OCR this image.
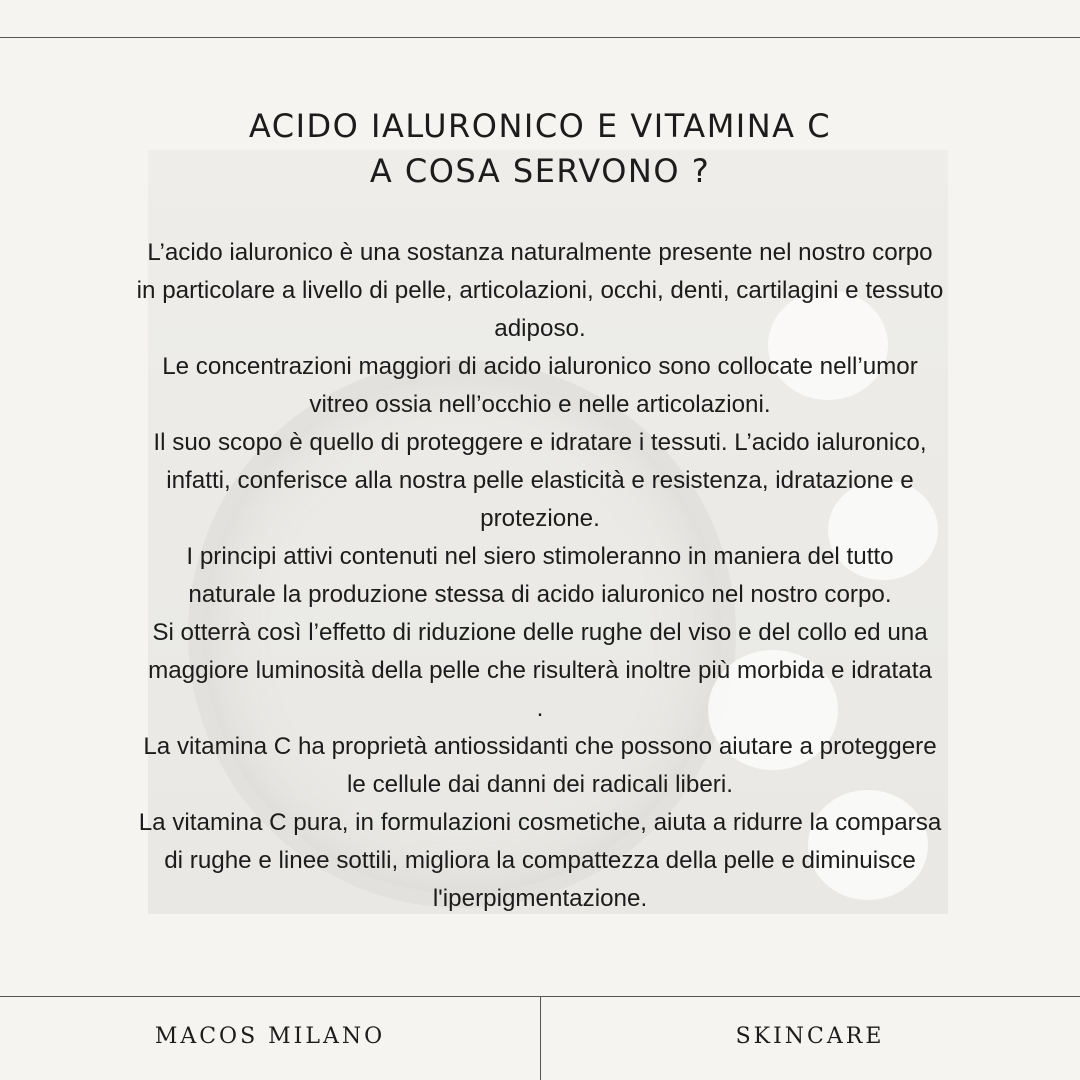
ACIDO IALURONICO E VITAMINA C
A COSA SERVONO ?
L’acido ialuronico è una sostanza naturalmente presente nel nostro corpo
in particolare a livello di pelle, articolazioni, occhi, denti, cartilagini e tessuto
adiposo.
Le concentrazioni maggiori di acido ialuronico sono collocate nell’umor
vitreo ossia nell’occhio e nelle articolazioni.
Il suo scopo è quello di proteggere e idratare i tessuti. L’acido ialuronico,
infatti, conferisce alla nostra pelle elasticità e resistenza, idratazione e
protezione.
I principi attivi contenuti nel siero stimoleranno in maniera del tutto
naturale la produzione stessa di acido ialuronico nel nostro corpo.
Si otterrà così l’effetto di riduzione delle rughe del viso e del collo ed una
maggiore luminosità della pelle che risulterà inoltre più morbida e idratata
.
La vitamina C ha proprietà antiossidanti che possono aiutare a proteggere
le cellule dai danni dei radicali liberi.
La vitamina C pura, in formulazioni cosmetiche, aiuta a ridurre la comparsa
di rughe e linee sottili, migliora la compattezza della pelle e diminuisce
l'iperpigmentazione.
MACOS MILANO	SKINCARE
